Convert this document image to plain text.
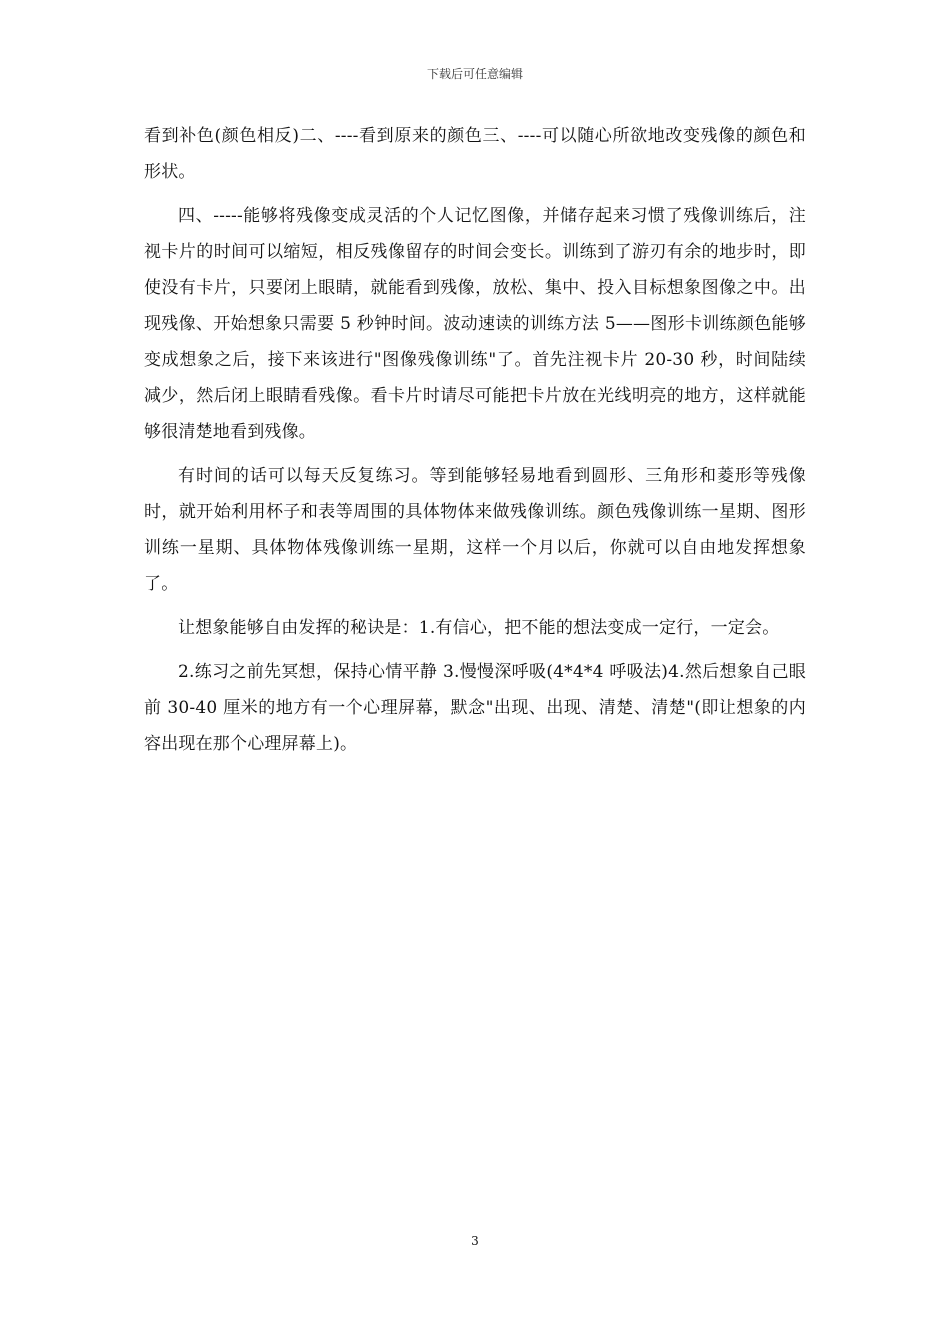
下载后可任意编辑

看到补色(颜色相反)二、----看到原来的颜色三、----可以随心所欲地改变残像的颜色和形状。

四、-----能够将残像变成灵活的个人记忆图像，并储存起来习惯了残像训练后，注视卡片的时间可以缩短，相反残像留存的时间会变长。训练到了游刃有余的地步时，即使没有卡片，只要闭上眼睛，就能看到残像，放松、集中、投入目标想象图像之中。出现残像、开始想象只需要 5 秒钟时间。波动速读的训练方法 5——图形卡训练颜色能够变成想象之后，接下来该进行"图像残像训练"了。首先注视卡片 20-30 秒，时间陆续减少，然后闭上眼睛看残像。看卡片时请尽可能把卡片放在光线明亮的地方，这样就能够很清楚地看到残像。

有时间的话可以每天反复练习。等到能够轻易地看到圆形、三角形和菱形等残像时，就开始利用杯子和表等周围的具体物体来做残像训练。颜色残像训练一星期、图形训练一星期、具体物体残像训练一星期，这样一个月以后，你就可以自由地发挥想象了。

让想象能够自由发挥的秘诀是：1.有信心，把不能的想法变成一定行，一定会。

2.练习之前先冥想，保持心情平静 3.慢慢深呼吸(4*4*4 呼吸法)4.然后想象自己眼前 30-40 厘米的地方有一个心理屏幕，默念"出现、出现、清楚、清楚"(即让想象的内容出现在那个心理屏幕上)。

3
